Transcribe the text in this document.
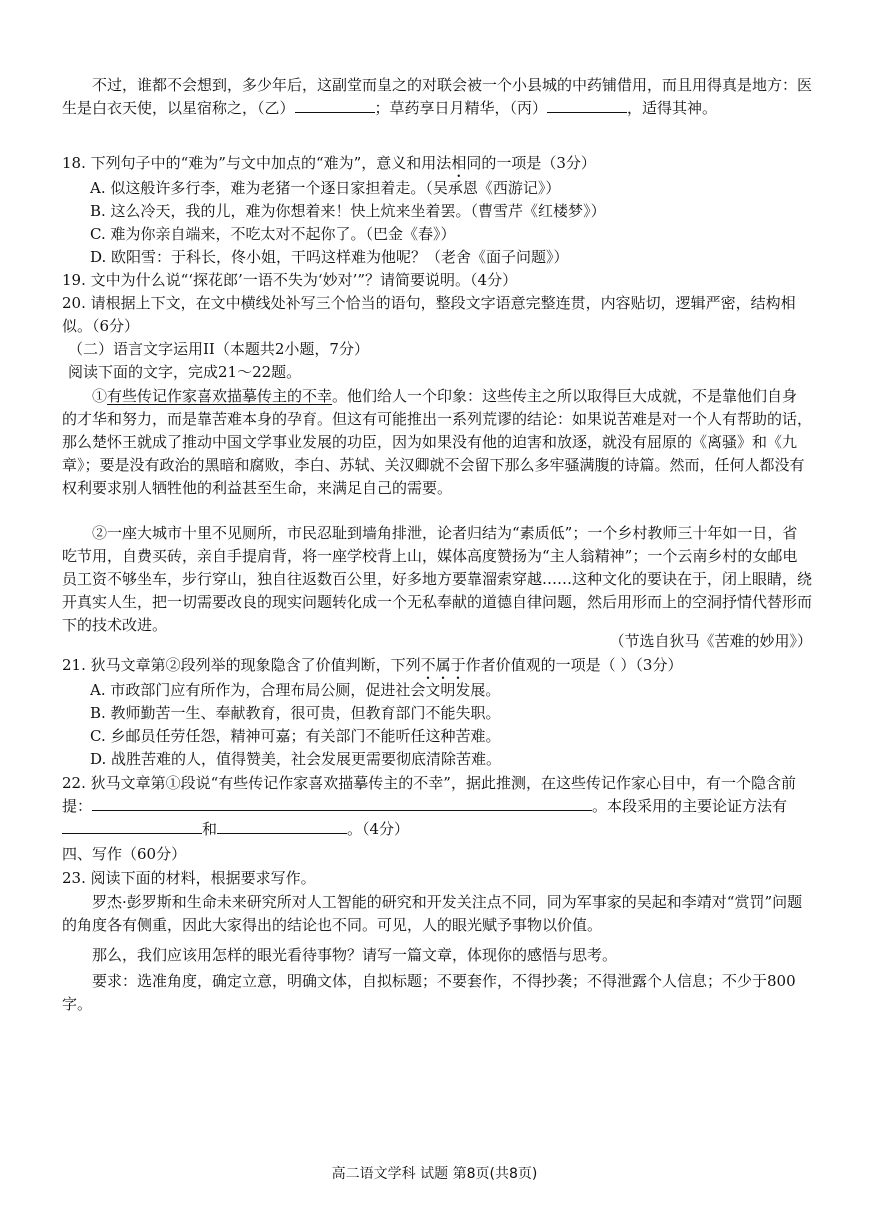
不过，谁都不会想到，多少年后，这副堂而皇之的对联会被一个小县城的中药铺借用，而且用得真是地方：医生是白衣天使，以星宿称之，（乙）	；草药享日月精华，（丙）	，适得其神。

18. 下列句子中的“难为”与文中加点的“难为”，意义和用法相同的一项是（3分）

A. 似这般许多行李，难为老猪一个逐日家担着走。（吴承恩《西游记》）

B. 这么冷天，我的儿，难为你想着来！快上炕来坐着罢。（曹雪芹《红楼梦》）

C. 难为你亲自端来，不吃太对不起你了。（巴金《春》）

D. 欧阳雪：于科长，佟小姐，干吗这样难为他呢？（老舍《面子问题》）

19. 文中为什么说“‘探花郎’一语不失为‘妙对’”？请简要说明。（4分）

20. 请根据上下文，在文中横线处补写三个恰当的语句，整段文字语意完整连贯，内容贴切，逻辑严密，结构相似。（6分）

（二）语言文字运用II（本题共2小题，7分）

阅读下面的文字，完成21～22题。

①有些传记作家喜欢描摹传主的不幸。他们给人一个印象：这些传主之所以取得巨大成就，不是靠他们自身的才华和努力，而是靠苦难本身的孕育。但这有可能推出一系列荒谬的结论：如果说苦难是对一个人有帮助的话，那么楚怀王就成了推动中国文学事业发展的功臣，因为如果没有他的迫害和放逐，就没有屈原的《离骚》和《九章》；要是没有政治的黑暗和腐败，李白、苏轼、关汉卿就不会留下那么多牢骚满腹的诗篇。然而，任何人都没有权利要求别人牺牲他的利益甚至生命，来满足自己的需要。

②一座大城市十里不见厕所，市民忍耻到墙角排泄，论者归结为“素质低”；一个乡村教师三十年如一日，省吃节用，自费买砖，亲自手提肩背，将一座学校背上山，媒体高度赞扬为“主人翁精神”；一个云南乡村的女邮电员工资不够坐车，步行穿山，独自往返数百公里，好多地方要靠溜索穿越……这种文化的要诀在于，闭上眼睛，绕开真实人生，把一切需要改良的现实问题转化成一个无私奉献的道德自律问题，然后用形而上的空洞抒情代替形而下的技术改进。

（节选自狄马《苦难的妙用》）

21. 狄马文章第②段列举的现象隐含了价值判断，下列不属于作者价值观的一项是（ ）（3分）

A. 市政部门应有所作为，合理布局公厕，促进社会文明发展。

B. 教师勤苦一生、奉献教育，很可贵，但教育部门不能失职。

C. 乡邮员任劳任怨，精神可嘉；有关部门不能听任这种苦难。

D. 战胜苦难的人，值得赞美，社会发展更需要彻底清除苦难。

22. 狄马文章第①段说“有些传记作家喜欢描摹传主的不幸”，据此推测，在这些传记作家心目中，有一个隐含前提：	。本段采用的主要论证方法有和	。（4分）

四、写作（60分）

23. 阅读下面的材料，根据要求写作。

罗杰·彭罗斯和生命未来研究所对人工智能的研究和开发关注点不同，同为军事家的吴起和李靖对“赏罚”问题的角度各有侧重，因此大家得出的结论也不同。可见，人的眼光赋予事物以价值。

那么，我们应该用怎样的眼光看待事物？请写一篇文章，体现你的感悟与思考。

要求：选准角度，确定立意，明确文体，自拟标题；不要套作，不得抄袭；不得泄露个人信息；不少于800字。

高二语文学科 试题 第8页(共8页)
